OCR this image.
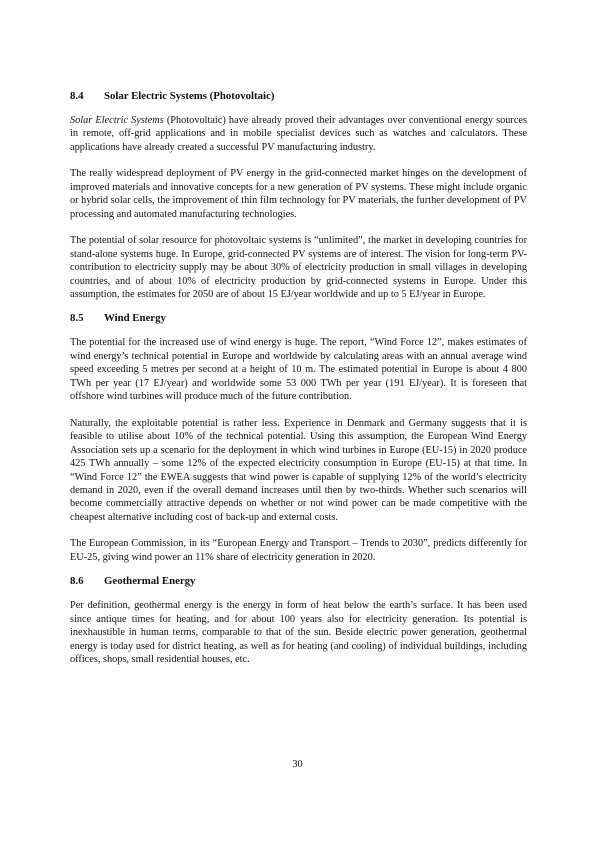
8.4	Solar Electric Systems (Photovoltaic)

Solar Electric Systems (Photovoltaic) have already proved their advantages over conventional energy sources in remote, off-grid applications and in mobile specialist devices such as watches and calculators. These applications have already created a successful PV manufacturing industry.

The really widespread deployment of PV energy in the grid-connected market hinges on the development of improved materials and innovative concepts for a new generation of PV systems. These might include organic or hybrid solar cells, the improvement of thin film technology for PV materials, the further development of PV processing and automated manufacturing technologies.

The potential of solar resource for photovoltaic systems is “unlimited”, the market in developing countries for stand-alone systems huge. In Europe, grid-connected PV systems are of interest. The vision for long-term PV-contribution to electricity supply may be about 30% of electricity production in small villages in developing countries, and of about 10% of electricity production by grid-connected systems in Europe. Under this assumption, the estimates for 2050 are of about 15 EJ/year worldwide and up to 5 EJ/year in Europe.

8.5	Wind Energy

The potential for the increased use of wind energy is huge. The report, “Wind Force 12”, makes estimates of wind energy’s technical potential in Europe and worldwide by calculating areas with an annual average wind speed exceeding 5 metres per second at a height of 10 m. The estimated potential in Europe is about 4 800 TWh per year (17 EJ/year) and worldwide some 53 000 TWh per year (191 EJ/year). It is foreseen that offshore wind turbines will produce much of the future contribution.

Naturally, the exploitable potential is rather less. Experience in Denmark and Germany suggests that it is feasible to utilise about 10% of the technical potential. Using this assumption, the European Wind Energy Association sets up a scenario for the deployment in which wind turbines in Europe (EU-15) in 2020 produce 425 TWh annually – some 12% of the expected electricity consumption in Europe (EU-15) at that time. In “Wind Force 12” the EWEA suggests that wind power is capable of supplying 12% of the world’s electricity demand in 2020, even if the overall demand increases until then by two-thirds. Whether such scenarios will become commercially attractive depends on whether or not wind power can be made competitive with the cheapest alternative including cost of back-up and external costs.

The European Commission, in its “European Energy and Transport – Trends to 2030”, predicts differently for EU-25, giving wind power an 11% share of electricity generation in 2020.

8.6	Geothermal Energy

Per definition, geothermal energy is the energy in form of heat below the earth’s surface. It has been used since antique times for heating, and for about 100 years also for electricity generation. Its potential is inexhaustible in human terms, comparable to that of the sun. Beside electric power generation, geothermal energy is today used for district heating, as well as for heating (and cooling) of individual buildings, including offices, shops, small residential houses, etc.

30
